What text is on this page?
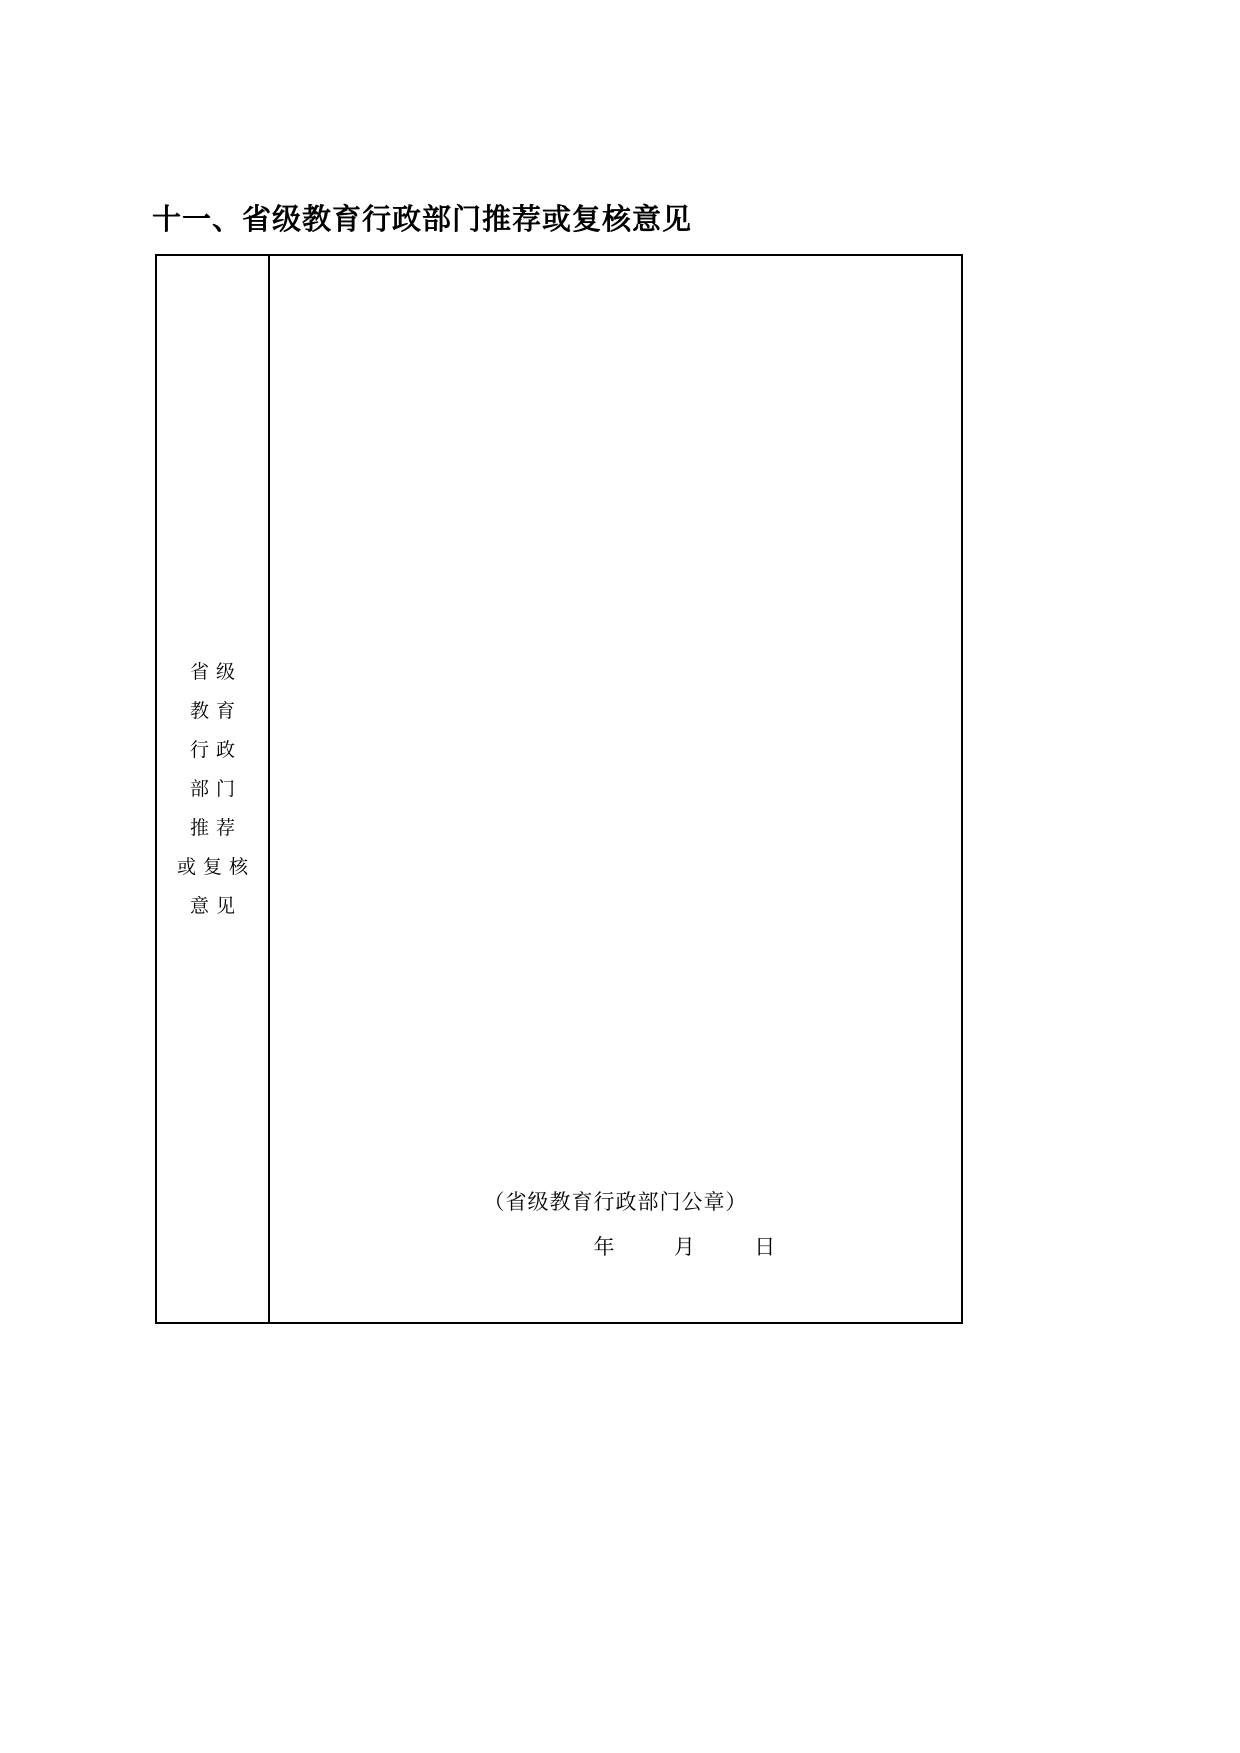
十一、省级教育行政部门推荐或复核意见
省级
教育
行政
部门
推荐
或复核
意见
（省级教育行政部门公章）
年	月	日
